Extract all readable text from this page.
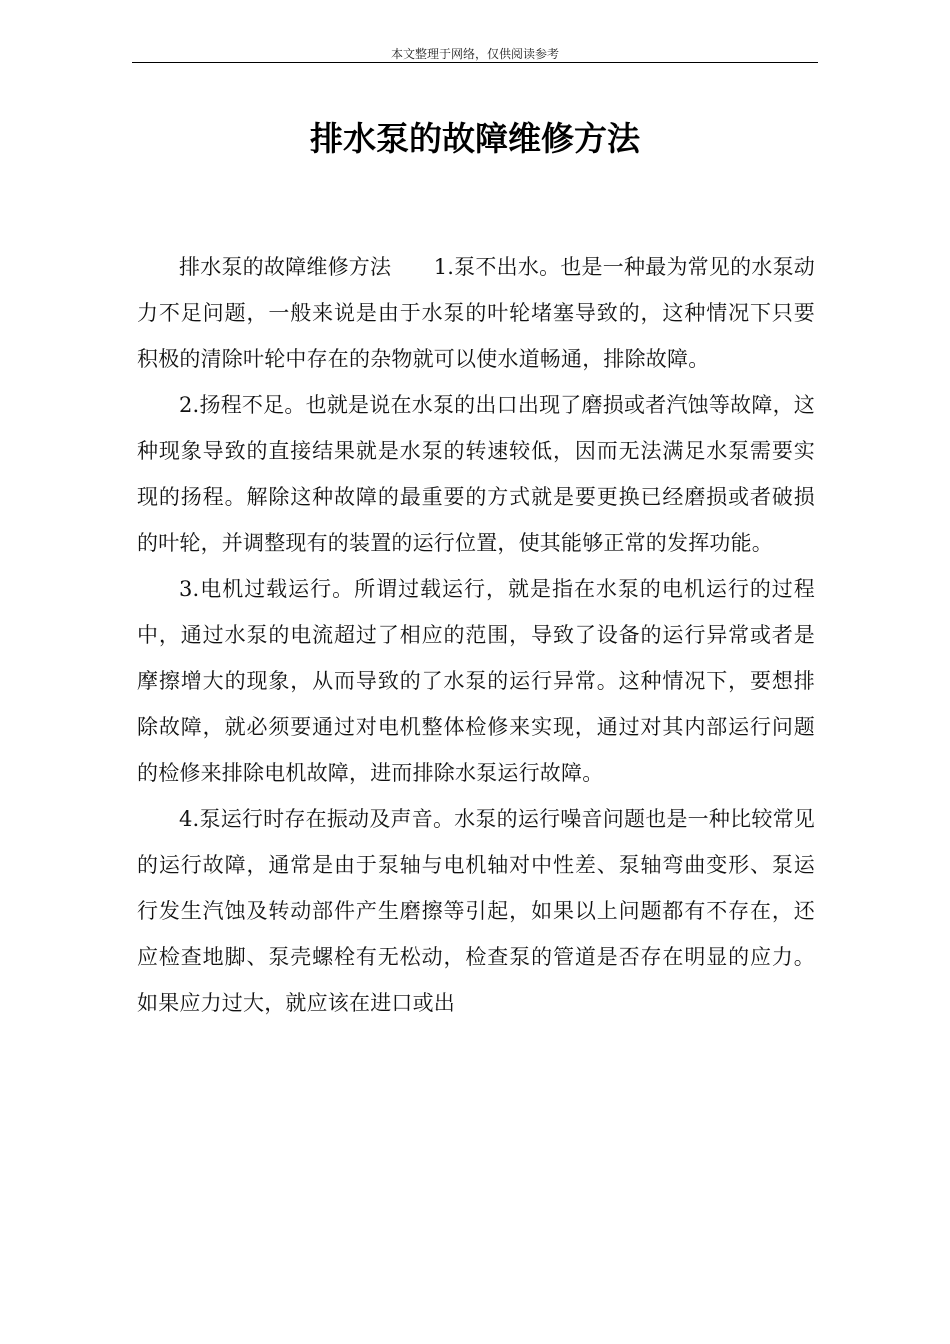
本文整理于网络，仅供阅读参考
排水泵的故障维修方法

排水泵的故障维修方法　　1.泵不出水。也是一种最为常见的水泵动力不足问题，一般来说是由于水泵的叶轮堵塞导致的，这种情况下只要积极的清除叶轮中存在的杂物就可以使水道畅通，排除故障。

2.扬程不足。也就是说在水泵的出口出现了磨损或者汽蚀等故障，这种现象导致的直接结果就是水泵的转速较低，因而无法满足水泵需要实现的扬程。解除这种故障的最重要的方式就是要更换已经磨损或者破损的叶轮，并调整现有的装置的运行位置，使其能够正常的发挥功能。

3.电机过载运行。所谓过载运行，就是指在水泵的电机运行的过程中，通过水泵的电流超过了相应的范围，导致了设备的运行异常或者是摩擦增大的现象，从而导致的了水泵的运行异常。这种情况下，要想排除故障，就必须要通过对电机整体检修来实现，通过对其内部运行问题的检修来排除电机故障，进而排除水泵运行故障。

4.泵运行时存在振动及声音。水泵的运行噪音问题也是一种比较常见的运行故障，通常是由于泵轴与电机轴对中性差、泵轴弯曲变形、泵运行发生汽蚀及转动部件产生磨擦等引起，如果以上问题都有不存在，还应检查地脚、泵壳螺栓有无松动，检查泵的管道是否存在明显的应力。如果应力过大，就应该在进口或出
